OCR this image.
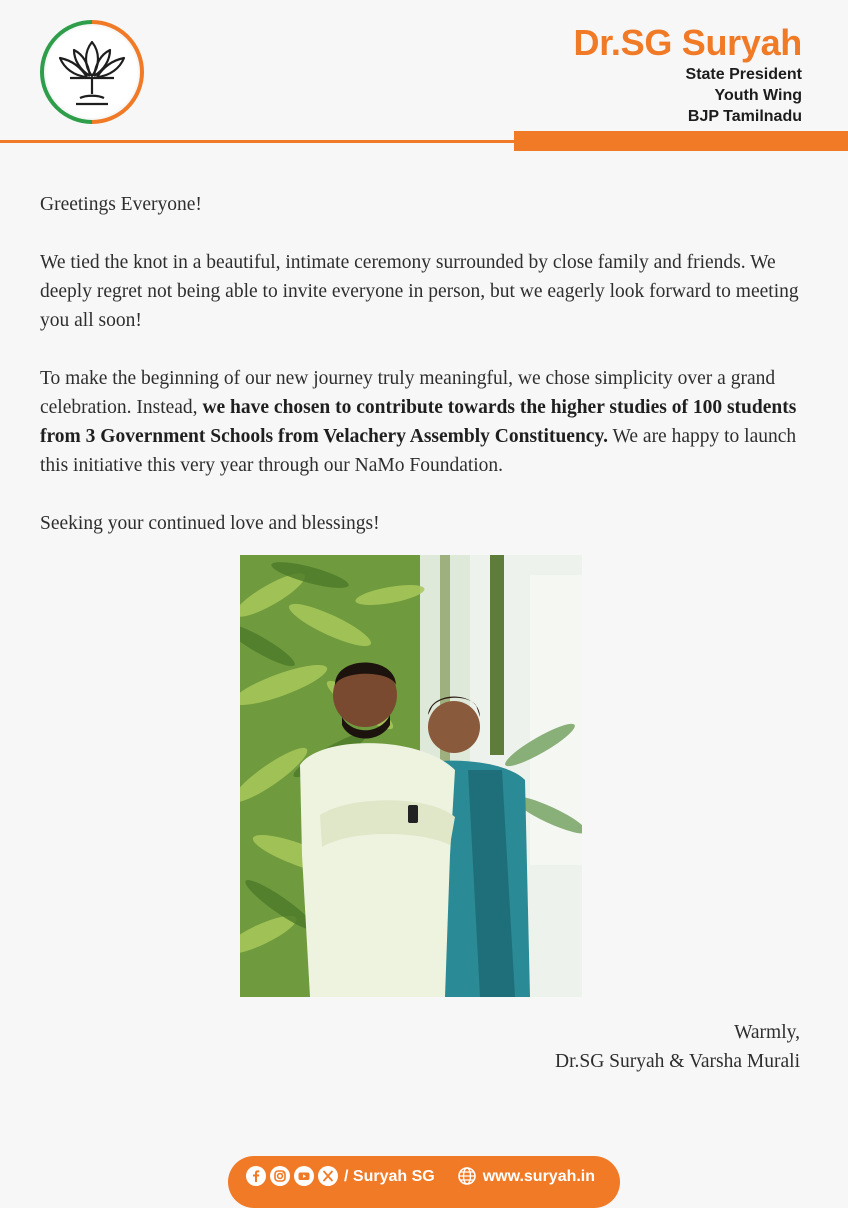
Dr.SG Suryah
State President
Youth Wing
BJP Tamilnadu

Greetings Everyone!

We tied the knot in a beautiful, intimate ceremony surrounded by close family and friends. We deeply regret not being able to invite everyone in person, but we eagerly look forward to meeting you all soon!

To make the beginning of our new journey truly meaningful, we chose simplicity over a grand celebration. Instead, we have chosen to contribute towards the higher studies of 100 students from 3 Government Schools from Velachery Assembly Constituency. We are happy to launch this initiative this very year through our NaMo Foundation.

Seeking your continued love and blessings!

Warmly,
Dr.SG Suryah & Varsha Murali
/ Suryah SG	www.suryah.in
